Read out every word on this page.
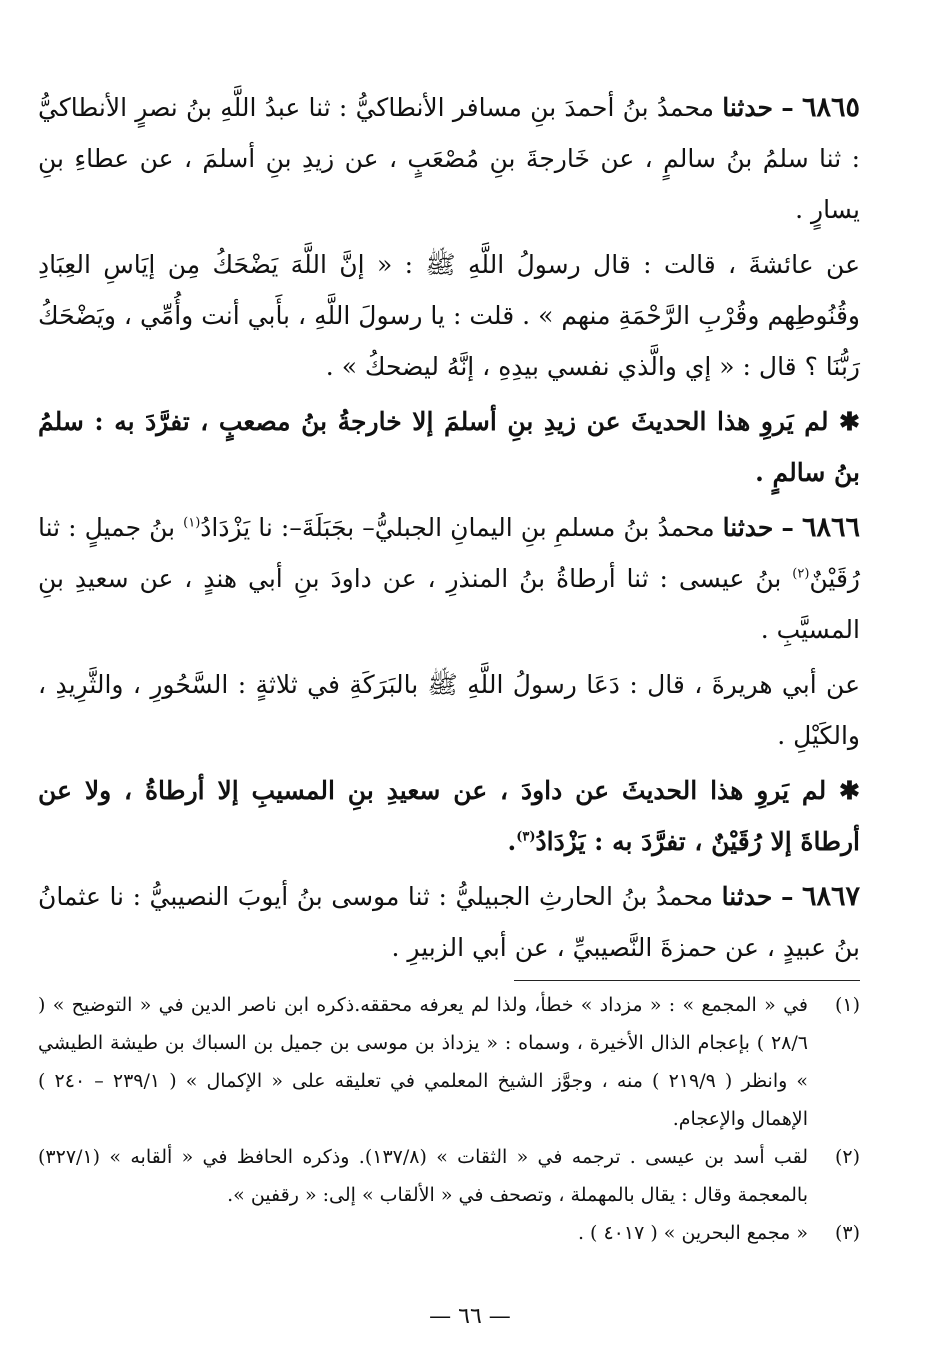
٦٨٦٥ – حدثنا محمدُ بنُ أحمدَ بنِ مسافر الأنطاكيُّ : ثنا عبدُ اللَّهِ بنُ نصرٍ الأنطاكيُّ : ثنا سلمُ بنُ سالمٍ ، عن خَارجةَ بنِ مُصْعَبٍ ، عن زيدِ بنِ أسلمَ ، عن عطاءِ بنِ يسارٍ .

عن عائشةَ ، قالت : قال رسولُ اللَّهِ ﷺ : « إنَّ اللَّهَ يَضْحَكُ مِن إيَاسِ العِبَادِ وقُنُوطِهم وقُرْبِ الرَّحْمَةِ منهم » . قلت : يا رسولَ اللَّهِ ، بأَبي أنت وأُمِّي ، ويَضْحَكُ رَبُّنَا ؟ قال : « إي والَّذي نفسي بيدِهِ ، إنَّهُ ليضحكُ » .

✱ لم يَروِ هذا الحديثَ عن زيدِ بنِ أسلمَ إلا خارجةُ بنُ مصعبٍ ، تفرَّدَ به : سلمُ بنُ سالمٍ .

٦٨٦٦ – حدثنا محمدُ بنُ مسلمِ بنِ اليمانِ الجبليُّ– بجَبَلَةَ–: نا يَزْدَادُ$^{(١)}$ بنُ جميلٍ : ثنا رُقَيْنٌ$^{(٢)}$ بنُ عيسى : ثنا أرطاةُ بنُ المنذرِ ، عن داودَ بنِ أبي هندٍ ، عن سعيدِ بنِ المسيَّبِ .

عن أبي هريرةَ ، قال : دَعَا رسولُ اللَّهِ ﷺ بالبَرَكَةِ في ثلاثةٍ : السَّحُورِ ، والثَّرِيدِ ، والكَيْلِ .

✱ لم يَروِ هذا الحديثَ عن داودَ ، عن سعيدِ بنِ المسيبِ إلا أرطاةُ ، ولا عن أرطاةَ إلا رُقَيْنٌ ، تفرَّدَ به : يَزْدَادُ$^{(٣)}$.

٦٨٦٧ – حدثنا محمدُ بنُ الحارثِ الجبيليُّ : ثنا موسى بنُ أيوبَ النصيبيُّ : نا عثمانُ بنُ عبيدٍ ، عن حمزةَ النَّصيبيِّ ، عن أبي الزبيرِ .

(١)
في « المجمع » : « مزداد » خطأ، ولذا لم يعرفه محققه.ذكره ابن ناصر الدين في « التوضيح » ( ٢٨/٦ ) بإعجام الذال الأخيرة ، وسماه : « يزداذ بن موسى بن جميل بن السباك بن طيشة الطيشي » وانظر ( ٢١٩/٩ ) منه ، وجوَّز الشيخ المعلمي في تعليقه على « الإكمال » ( ٢٣٩/١ – ٢٤٠ ) الإهمال والإعجام.
(٢)
لقب أسد بن عيسى . ترجمه في « الثقات » (١٣٧/٨). وذكره الحافظ في « ألقابه » (٣٢٧/١) بالمعجمة وقال : يقال بالمهملة ، وتصحف في « الألقاب » إلى: « رقفين ».
(٣)
« مجمع البحرين » ( ٤٠١٧ ) .
— ٦٦ —
